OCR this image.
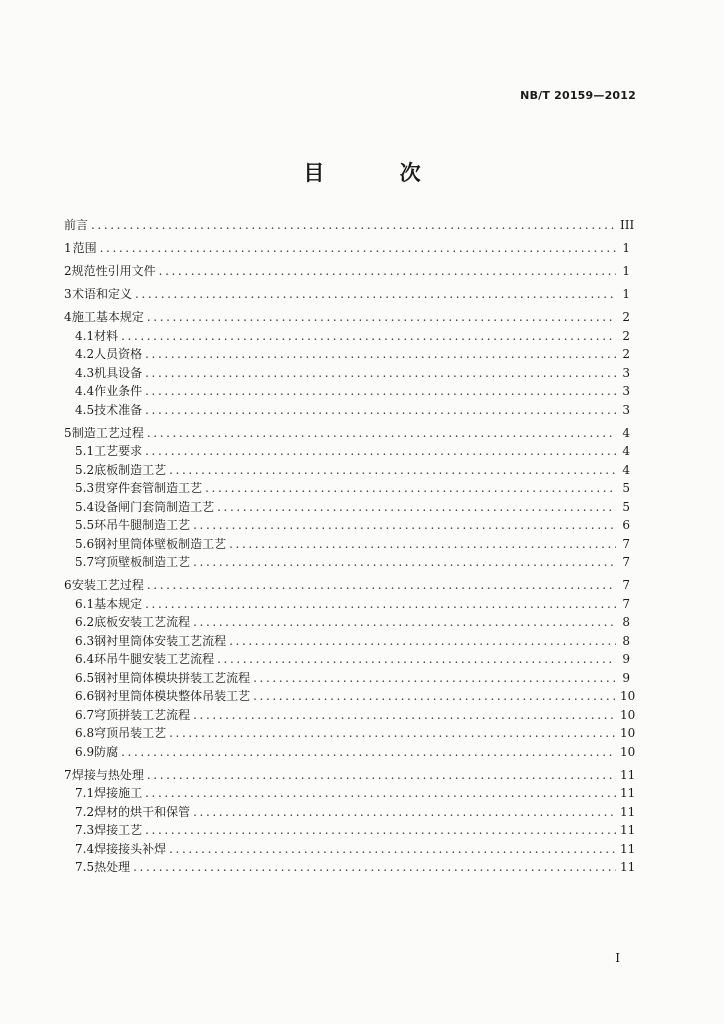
NB/T 20159—2012
目 次
前言 .....	III
1 范围 .....	1
2 规范性引用文件 .....	1
3 术语和定义 .....	1
4 施工基本规定 .....	2
4.1 材料 .....	2
4.2 人员资格 .....	2
4.3 机具设备 .....	3
4.4 作业条件 .....	3
4.5 技术准备 .....	3
5 制造工艺过程 .....	4
5.1 工艺要求 .....	4
5.2 底板制造工艺 .....	4
5.3 贯穿件套管制造工艺 .....	5
5.4 设备闸门套筒制造工艺 .....	5
5.5 环吊牛腿制造工艺 .....	6
5.6 钢衬里筒体壁板制造工艺 .....	7
5.7 穹顶壁板制造工艺 .....	7
6 安装工艺过程 .....	7
6.1 基本规定 .....	7
6.2 底板安装工艺流程 .....	8
6.3 钢衬里筒体安装工艺流程 .....	8
6.4 环吊牛腿安装工艺流程 .....	9
6.5 钢衬里筒体模块拼装工艺流程 .....	9
6.6 钢衬里筒体模块整体吊装工艺 .....	10
6.7 穹顶拼装工艺流程 .....	10
6.8 穹顶吊装工艺 .....	10
6.9 防腐 .....	10
7 焊接与热处理 .....	11
7.1 焊接施工 .....	11
7.2 焊材的烘干和保管 .....	11
7.3 焊接工艺 .....	11
7.4 焊接接头补焊 .....	11
7.5 热处理 .....	11
I
